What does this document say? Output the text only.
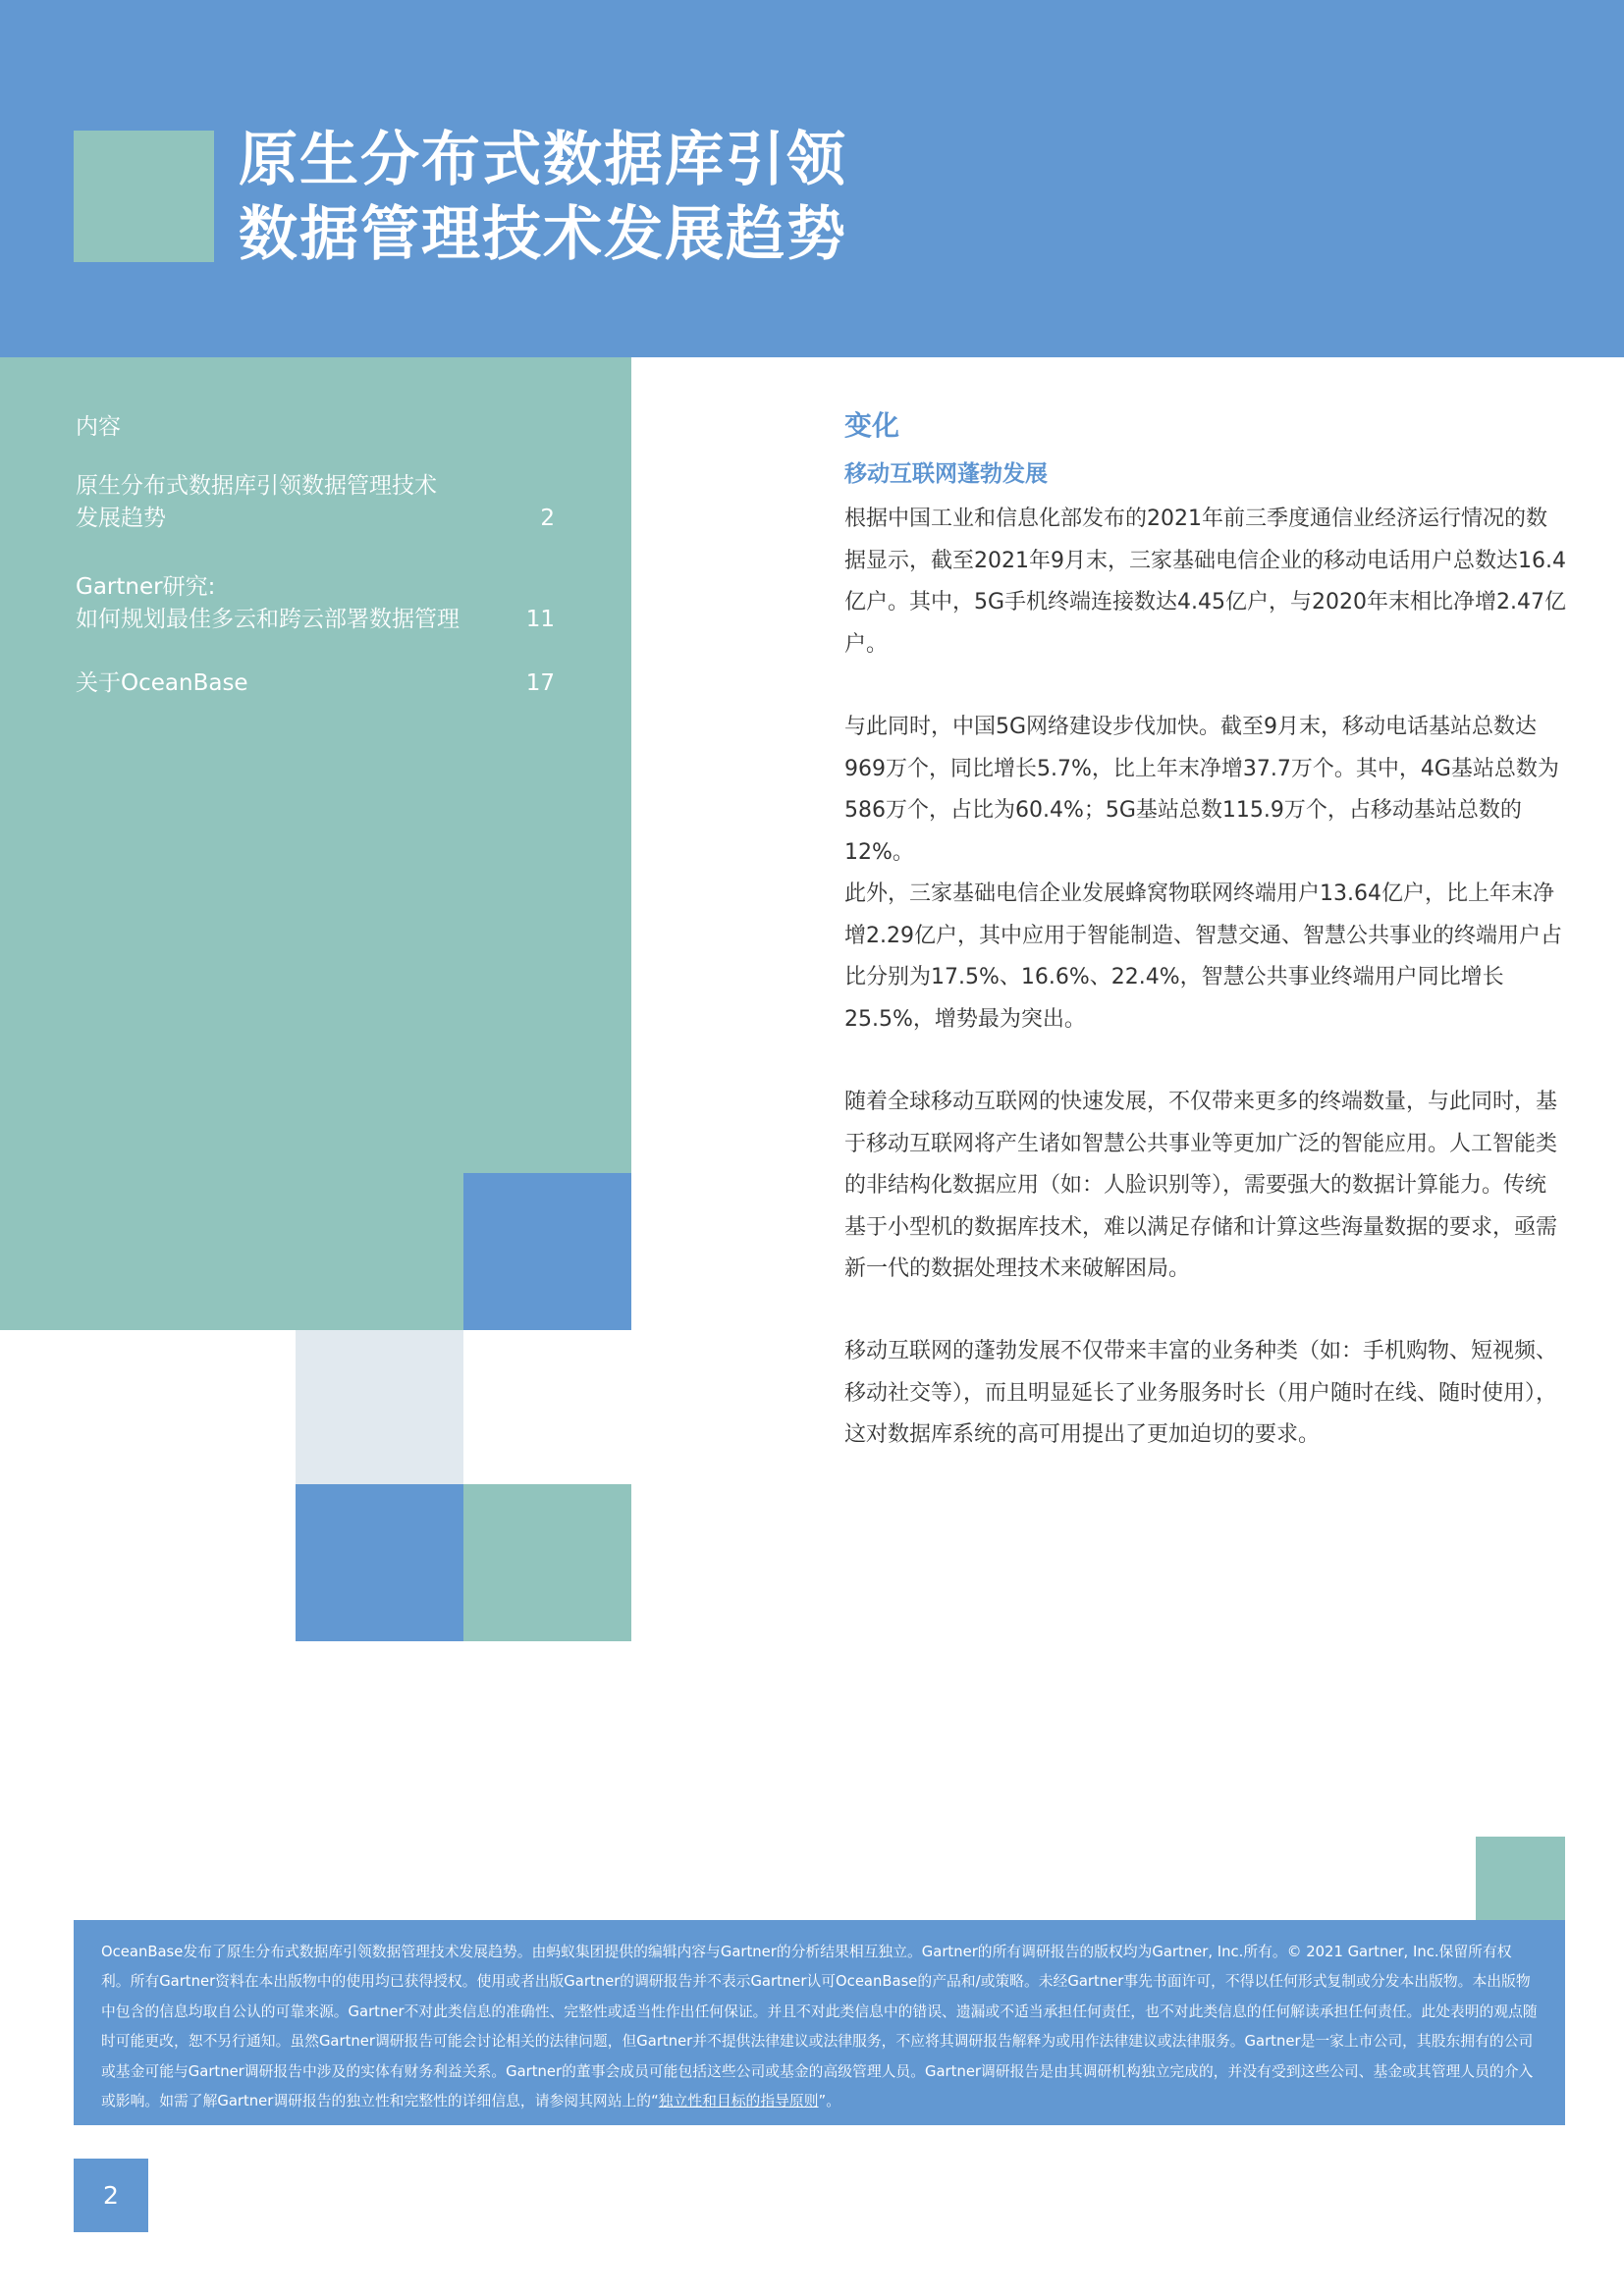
原生分布式数据库引领
数据管理技术发展趋势
内容
原生分布式数据库引领数据管理技术
发展趋势	2
Gartner研究:
如何规划最佳多云和跨云部署数据管理	11
关于OceanBase	17
变化
移动互联网蓬勃发展
根据中国工业和信息化部发布的2021年前三季度通信业经济运行情况的数据显示，截至2021年9月末，三家基础电信企业的移动电话用户总数达16.4亿户。其中，5G手机终端连接数达4.45亿户，与2020年末相比净增2.47亿户。
与此同时，中国5G网络建设步伐加快。截至9月末，移动电话基站总数达969万个，同比增长5.7%，比上年末净增37.7万个。其中，4G基站总数为586万个，占比为60.4%；5G基站总数115.9万个，占移动基站总数的12%。
此外，三家基础电信企业发展蜂窝物联网终端用户13.64亿户，比上年末净增2.29亿户，其中应用于智能制造、智慧交通、智慧公共事业的终端用户占比分别为17.5%、16.6%、22.4%，智慧公共事业终端用户同比增长25.5%，增势最为突出。
随着全球移动互联网的快速发展，不仅带来更多的终端数量，与此同时，基于移动互联网将产生诸如智慧公共事业等更加广泛的智能应用。人工智能类的非结构化数据应用（如：人脸识别等），需要强大的数据计算能力。传统基于小型机的数据库技术，难以满足存储和计算这些海量数据的要求，亟需新一代的数据处理技术来破解困局。
移动互联网的蓬勃发展不仅带来丰富的业务种类（如：手机购物、短视频、移动社交等），而且明显延长了业务服务时长（用户随时在线、随时使用），这对数据库系统的高可用提出了更加迫切的要求。
OceanBase发布了原生分布式数据库引领数据管理技术发展趋势。由蚂蚁集团提供的编辑内容与Gartner的分析结果相互独立。Gartner的所有调研报告的版权均为Gartner, Inc.所有。© 2021 Gartner, Inc.保留所有权利。所有Gartner资料在本出版物中的使用均已获得授权。使用或者出版Gartner的调研报告并不表示Gartner认可OceanBase的产品和/或策略。未经Gartner事先书面许可，不得以任何形式复制或分发本出版物。本出版物中包含的信息均取自公认的可靠来源。Gartner不对此类信息的准确性、完整性或适当性作出任何保证。并且不对此类信息中的错误、遗漏或不适当承担任何责任，也不对此类信息的任何解读承担任何责任。此处表明的观点随时可能更改，恕不另行通知。虽然Gartner调研报告可能会讨论相关的法律问题，但Gartner并不提供法律建议或法律服务，不应将其调研报告解释为或用作法律建议或法律服务。Gartner是一家上市公司，其股东拥有的公司或基金可能与Gartner调研报告中涉及的实体有财务利益关系。Gartner的董事会成员可能包括这些公司或基金的高级管理人员。Gartner调研报告是由其调研机构独立完成的，并没有受到这些公司、基金或其管理人员的介入或影响。如需了解Gartner调研报告的独立性和完整性的详细信息，请参阅其网站上的“独立性和目标的指导原则”。
2
